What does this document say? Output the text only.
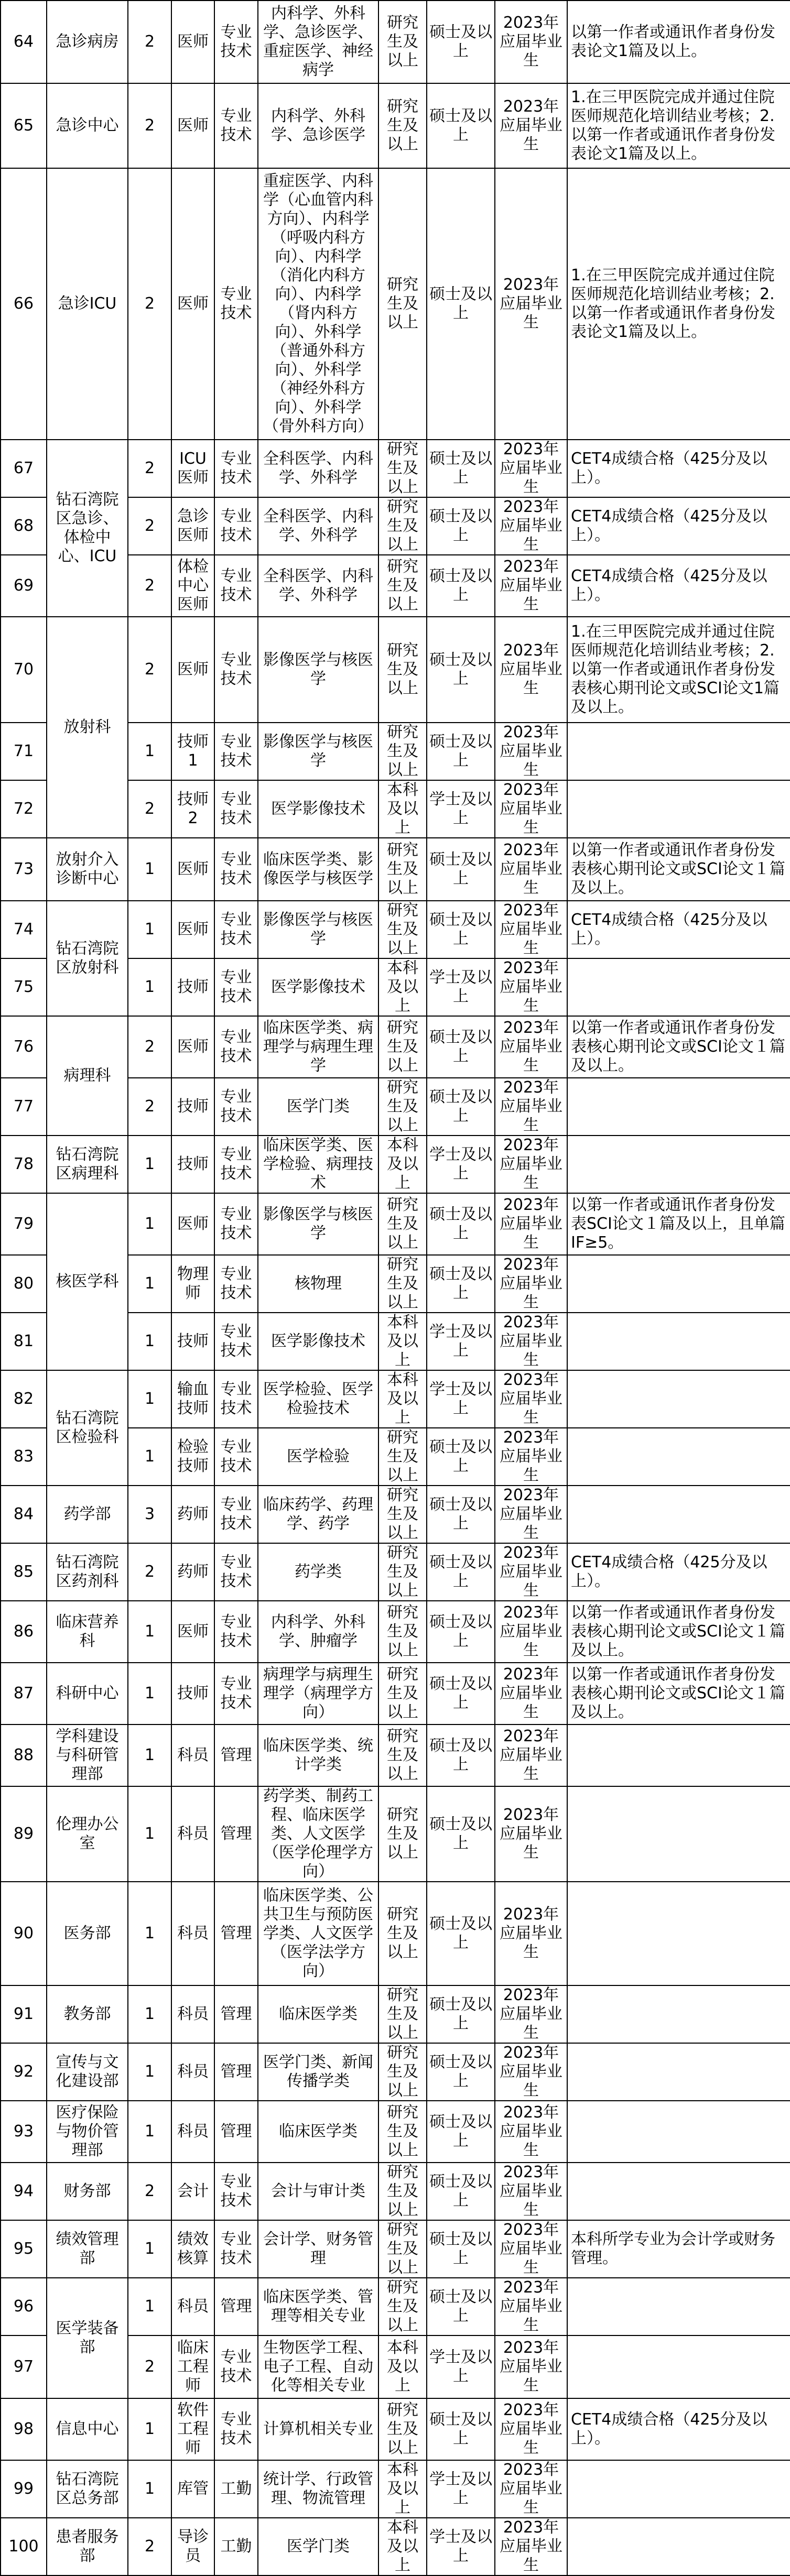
64	急诊病房	2	医师	专业技术	内科学、外科学、急诊医学、重症医学、神经病学	研究生及以上	硕士及以上	2023年应届毕业生	以第一作者或通讯作者身份发表论文1篇及以上。
65	急诊中心	2	医师	专业技术	内科学、外科学、急诊医学	研究生及以上	硕士及以上	2023年应届毕业生	1.在三甲医院完成并通过住院医师规范化培训结业考核；2.以第一作者或通讯作者身份发表论文1篇及以上。
66	急诊ICU	2	医师	专业技术	重症医学、内科学（心血管内科方向）、内科学（呼吸内科方向）、内科学（消化内科方向）、内科学（肾内科方向）、外科学（普通外科方向）、外科学（神经外科方向）、外科学（骨外科方向）	研究生及以上	硕士及以上	2023年应届毕业生	1.在三甲医院完成并通过住院医师规范化培训结业考核；2.以第一作者或通讯作者身份发表论文1篇及以上。
67	钻石湾院区急诊、体检中心、ICU	2	ICU医师	专业技术	全科医学、内科学、外科学	研究生及以上	硕士及以上	2023年应届毕业生	CET4成绩合格（425分及以上）。
68		2	急诊医师	专业技术	全科医学、内科学、外科学	研究生及以上	硕士及以上	2023年应届毕业生	CET4成绩合格（425分及以上）。
69		2	体检中心医师	专业技术	全科医学、内科学、外科学	研究生及以上	硕士及以上	2023年应届毕业生	CET4成绩合格（425分及以上）。
70	放射科	2	医师	专业技术	影像医学与核医学	研究生及以上	硕士及以上	2023年应届毕业生	1.在三甲医院完成并通过住院医师规范化培训结业考核；2.以第一作者或通讯作者身份发表核心期刊论文或SCI论文1篇及以上。
71		1	技师1	专业技术	影像医学与核医学	研究生及以上	硕士及以上	2023年应届毕业生	
72		2	技师2	专业技术	医学影像技术	本科及以上	学士及以上	2023年应届毕业生	
73	放射介入诊断中心	1	医师	专业技术	临床医学类、影像医学与核医学	研究生及以上	硕士及以上	2023年应届毕业生	以第一作者或通讯作者身份发表核心期刊论文或SCI论文１篇及以上。
74	钻石湾院区放射科	1	医师	专业技术	影像医学与核医学	研究生及以上	硕士及以上	2023年应届毕业生	CET4成绩合格（425分及以上）。
75		1	技师	专业技术	医学影像技术	本科及以上	学士及以上	2023年应届毕业生	
76	病理科	2	医师	专业技术	临床医学类、病理学与病理生理学	研究生及以上	硕士及以上	2023年应届毕业生	以第一作者或通讯作者身份发表核心期刊论文或SCI论文１篇及以上。
77		2	技师	专业技术	医学门类	研究生及以上	硕士及以上	2023年应届毕业生	
78	钻石湾院区病理科	1	技师	专业技术	临床医学类、医学检验、病理技术	本科及以上	学士及以上	2023年应届毕业生	
79	核医学科	1	医师	专业技术	影像医学与核医学	研究生及以上	硕士及以上	2023年应届毕业生	以第一作者或通讯作者身份发表SCI论文１篇及以上，且单篇IF≥5。
80		1	物理师	专业技术	核物理	研究生及以上	硕士及以上	2023年应届毕业生	
81		1	技师	专业技术	医学影像技术	本科及以上	学士及以上	2023年应届毕业生	
82	钻石湾院区检验科	1	输血技师	专业技术	医学检验、医学检验技术	本科及以上	学士及以上	2023年应届毕业生	
83		1	检验技师	专业技术	医学检验	研究生及以上	硕士及以上	2023年应届毕业生	
84	药学部	3	药师	专业技术	临床药学、药理学、药学	研究生及以上	硕士及以上	2023年应届毕业生	
85	钻石湾院区药剂科	2	药师	专业技术	药学类	研究生及以上	硕士及以上	2023年应届毕业生	CET4成绩合格（425分及以上）。
86	临床营养科	1	医师	专业技术	内科学、外科学、肿瘤学	研究生及以上	硕士及以上	2023年应届毕业生	以第一作者或通讯作者身份发表核心期刊论文或SCI论文１篇及以上。
87	科研中心	1	技师	专业技术	病理学与病理生理学（病理学方向）	研究生及以上	硕士及以上	2023年应届毕业生	以第一作者或通讯作者身份发表核心期刊论文或SCI论文１篇及以上。
88	学科建设与科研管理部	1	科员	管理	临床医学类、统计学类	研究生及以上	硕士及以上	2023年应届毕业生	
89	伦理办公室	1	科员	管理	药学类、制药工程、临床医学类、人文医学（医学伦理学方向）	研究生及以上	硕士及以上	2023年应届毕业生	
90	医务部	1	科员	管理	临床医学类、公共卫生与预防医学类、人文医学（医学法学方向）	研究生及以上	硕士及以上	2023年应届毕业生	
91	教务部	1	科员	管理	临床医学类	研究生及以上	硕士及以上	2023年应届毕业生	
92	宣传与文化建设部	1	科员	管理	医学门类、新闻传播学类	研究生及以上	硕士及以上	2023年应届毕业生	
93	医疗保险与物价管理部	1	科员	管理	临床医学类	研究生及以上	硕士及以上	2023年应届毕业生	
94	财务部	2	会计	专业技术	会计与审计类	研究生及以上	硕士及以上	2023年应届毕业生	
95	绩效管理部	1	绩效核算	专业技术	会计学、财务管理	研究生及以上	硕士及以上	2023年应届毕业生	本科所学专业为会计学或财务管理。
96	医学装备部	1	科员	管理	临床医学类、管理等相关专业	研究生及以上	硕士及以上	2023年应届毕业生	
97		2	临床工程师	专业技术	生物医学工程、电子工程、自动化等相关专业	本科及以上	学士及以上	2023年应届毕业生	
98	信息中心	1	软件工程师	专业技术	计算机相关专业	研究生及以上	硕士及以上	2023年应届毕业生	CET4成绩合格（425分及以上）。
99	钻石湾院区总务部	1	库管	工勤	统计学、行政管理、物流管理	本科及以上	学士及以上	2023年应届毕业生	
100	患者服务部	2	导诊员	工勤	医学门类	本科及以上	学士及以上	2023年应届毕业生	
